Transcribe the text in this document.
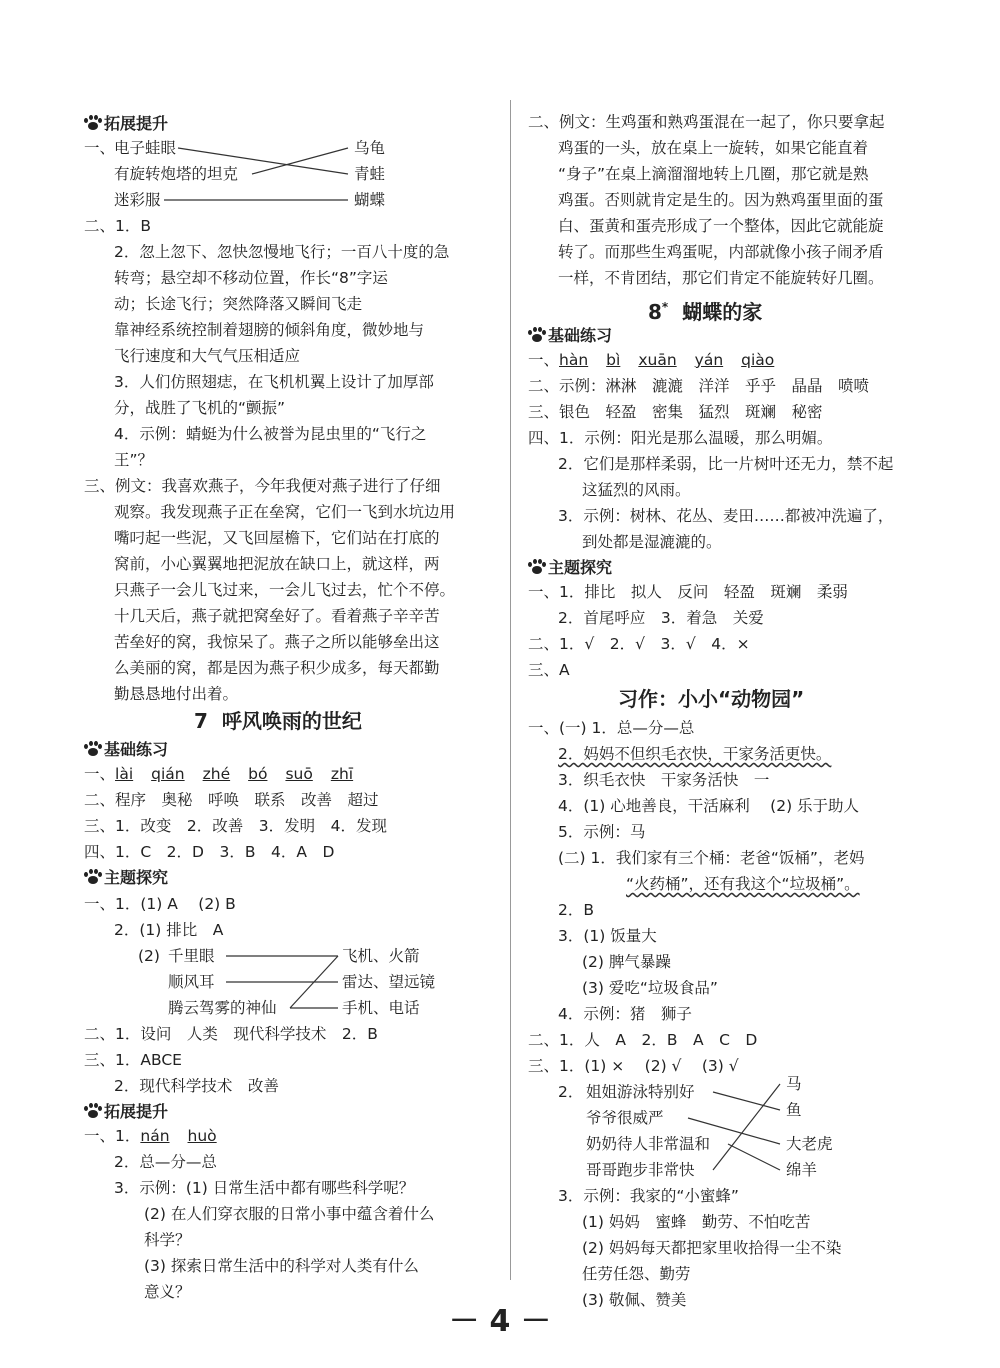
拓展提升
一、
电子蛙眼
有旋转炮塔的坦克
迷彩服
乌龟
青蛙
蝴蝶
二、1．B
2．忽上忽下、忽快忽慢地飞行；一百八十度的急
转弯；悬空却不移动位置，作长“8”字运
动；长途飞行；突然降落又瞬间飞走
靠神经系统控制着翅膀的倾斜角度，微妙地与
飞行速度和大气气压相适应
3．人们仿照翅痣，在飞机机翼上设计了加厚部
分，战胜了飞机的“颤振”
4．示例：蜻蜓为什么被誉为昆虫里的“飞行之
王”？
三、例文：我喜欢燕子，今年我便对燕子进行了仔细
观察。我发现燕子正在垒窝，它们一飞到水坑边用
嘴叼起一些泥，又飞回屋檐下，它们站在打底的
窝前，小心翼翼地把泥放在缺口上，就这样，两
只燕子一会儿飞过来，一会儿飞过去，忙个不停。
十几天后，燕子就把窝垒好了。看着燕子辛辛苦
苦垒好的窝，我惊呆了。燕子之所以能够垒出这
么美丽的窝，都是因为燕子积少成多，每天都勤
勤恳恳地付出着。
7 呼风唤雨的世纪
基础练习
一、lài qián zhé bó suō zhī
二、程序　奥秘　呼唤　联系　改善　超过
三、1．改变　2．改善　3．发明　4．发现
四、1．C　2．D　3．B　4．A　D
主题探究
一、1．(1) A　 (2) B
2．(1) 排比　A
(2) 千里眼
顺风耳
腾云驾雾的神仙
飞机、火箭
雷达、望远镜
手机、电话
二、1．设问　人类　现代科学技术　2．B
三、1．ABCE
2．现代科学技术　改善
拓展提升
一、1．nán huò
2．总—分—总
3．示例：(1) 日常生活中都有哪些科学呢？
(2) 在人们穿衣服的日常小事中蕴含着什么
科学？
(3) 探索日常生活中的科学对人类有什么
意义？
二、例文：生鸡蛋和熟鸡蛋混在一起了，你只要拿起
鸡蛋的一头，放在桌上一旋转，如果它能直着
“身子”在桌上滴溜溜地转上几圈，那它就是熟
鸡蛋。否则就肯定是生的。因为熟鸡蛋里面的蛋
白、蛋黄和蛋壳形成了一个整体，因此它就能旋
转了。而那些生鸡蛋呢，内部就像小孩子闹矛盾
一样，不肯团结，那它们肯定不能旋转好几圈。
8* 蝴蝶的家
基础练习
一、hàn bì xuān yán qiào
二、示例：淋淋　漉漉　洋洋　乎乎　晶晶　喷喷
三、银色　轻盈　密集　猛烈　斑斓　秘密
四、1．示例：阳光是那么温暖，那么明媚。
2．它们是那样柔弱，比一片树叶还无力，禁不起
这猛烈的风雨。
3．示例：树林、花丛、麦田……都被冲洗遍了，
到处都是湿漉漉的。
主题探究
一、1．排比　拟人　反问　轻盈　斑斓　柔弱
2．首尾呼应　3．着急　关爱
二、1．√　2．√　3．√　4．×
三、A
习作：小小“动物园”
一、(一) 1．总—分—总
2．妈妈不但织毛衣快，干家务活更快。
3．织毛衣快　干家务活快　一
4．(1) 心地善良，干活麻利　 (2) 乐于助人
5．示例：马
(二) 1．我们家有三个桶：老爸“饭桶”，老妈
“火药桶”，还有我这个“垃圾桶”。
2．B
3．(1) 饭量大
(2) 脾气暴躁
(3) 爱吃“垃圾食品”
4．示例：猪　狮子
二、1．人　A　2．B　A　C　D
三、1．(1) ×　 (2) √　 (3) √
2． 姐姐游泳特别好
爷爷很威严
奶奶待人非常温和
哥哥跑步非常快
马
鱼
大老虎
绵羊
3．示例：我家的“小蜜蜂”
(1) 妈妈　蜜蜂　勤劳、不怕吃苦
(2) 妈妈每天都把家里收拾得一尘不染
任劳任怨、勤劳
(3) 敬佩、赞美
－ 4 －
